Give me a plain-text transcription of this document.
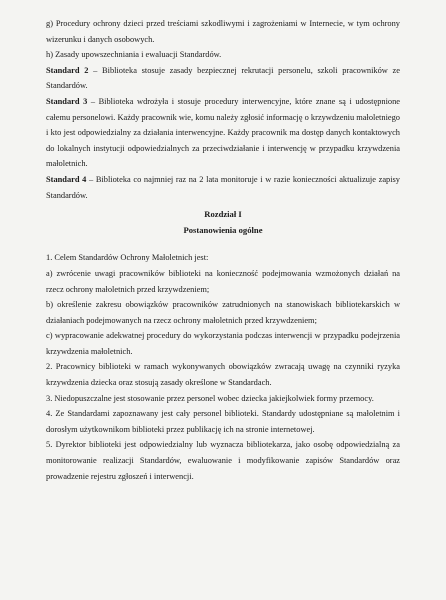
g) Procedury ochrony dzieci przed treściami szkodliwymi i zagrożeniami w Internecie, w tym ochrony wizerunku i danych osobowych.

h) Zasady upowszechniania i ewaluacji Standardów.

Standard 2 – Biblioteka stosuje zasady bezpiecznej rekrutacji personelu, szkoli pracowników ze Standardów.

Standard 3 – Biblioteka wdrożyła i stosuje procedury interwencyjne, które znane są i udostępnione całemu personelowi. Każdy pracownik wie, komu należy zgłosić informację o krzywdzeniu małoletniego i kto jest odpowiedzialny za działania interwencyjne. Każdy pracownik ma dostęp danych kontaktowych do lokalnych instytucji odpowiedzialnych za przeciwdziałanie i interwencję w przypadku krzywdzenia małoletnich.

Standard 4 – Biblioteka co najmniej raz na 2 lata monitoruje i w razie konieczności aktualizuje zapisy Standardów.

Rozdział I

Postanowienia ogólne

1. Celem Standardów Ochrony Małoletnich jest:

a) zwrócenie uwagi pracowników biblioteki na konieczność podejmowania wzmożonych działań na rzecz ochrony małoletnich przed krzywdzeniem;

b) określenie zakresu obowiązków pracowników zatrudnionych na stanowiskach bibliotekarskich w działaniach podejmowanych na rzecz ochrony małoletnich przed krzywdzeniem;

c) wypracowanie adekwatnej procedury do wykorzystania podczas interwencji w przypadku podejrzenia krzywdzenia małoletnich.

2. Pracownicy biblioteki w ramach wykonywanych obowiązków zwracają uwagę na czynniki ryzyka krzywdzenia dziecka oraz stosują zasady określone w Standardach.

3. Niedopuszczalne jest stosowanie przez personel wobec dziecka jakiejkolwiek formy przemocy.

4. Ze Standardami zapoznawany jest cały personel biblioteki. Standardy udostępniane są małoletnim i dorosłym użytkownikom biblioteki przez publikację ich na stronie internetowej.

5. Dyrektor biblioteki jest odpowiedzialny lub wyznacza bibliotekarza, jako osobę odpowiedzialną za monitorowanie realizacji Standardów, ewaluowanie i modyfikowanie zapisów Standardów oraz prowadzenie rejestru zgłoszeń i interwencji.
